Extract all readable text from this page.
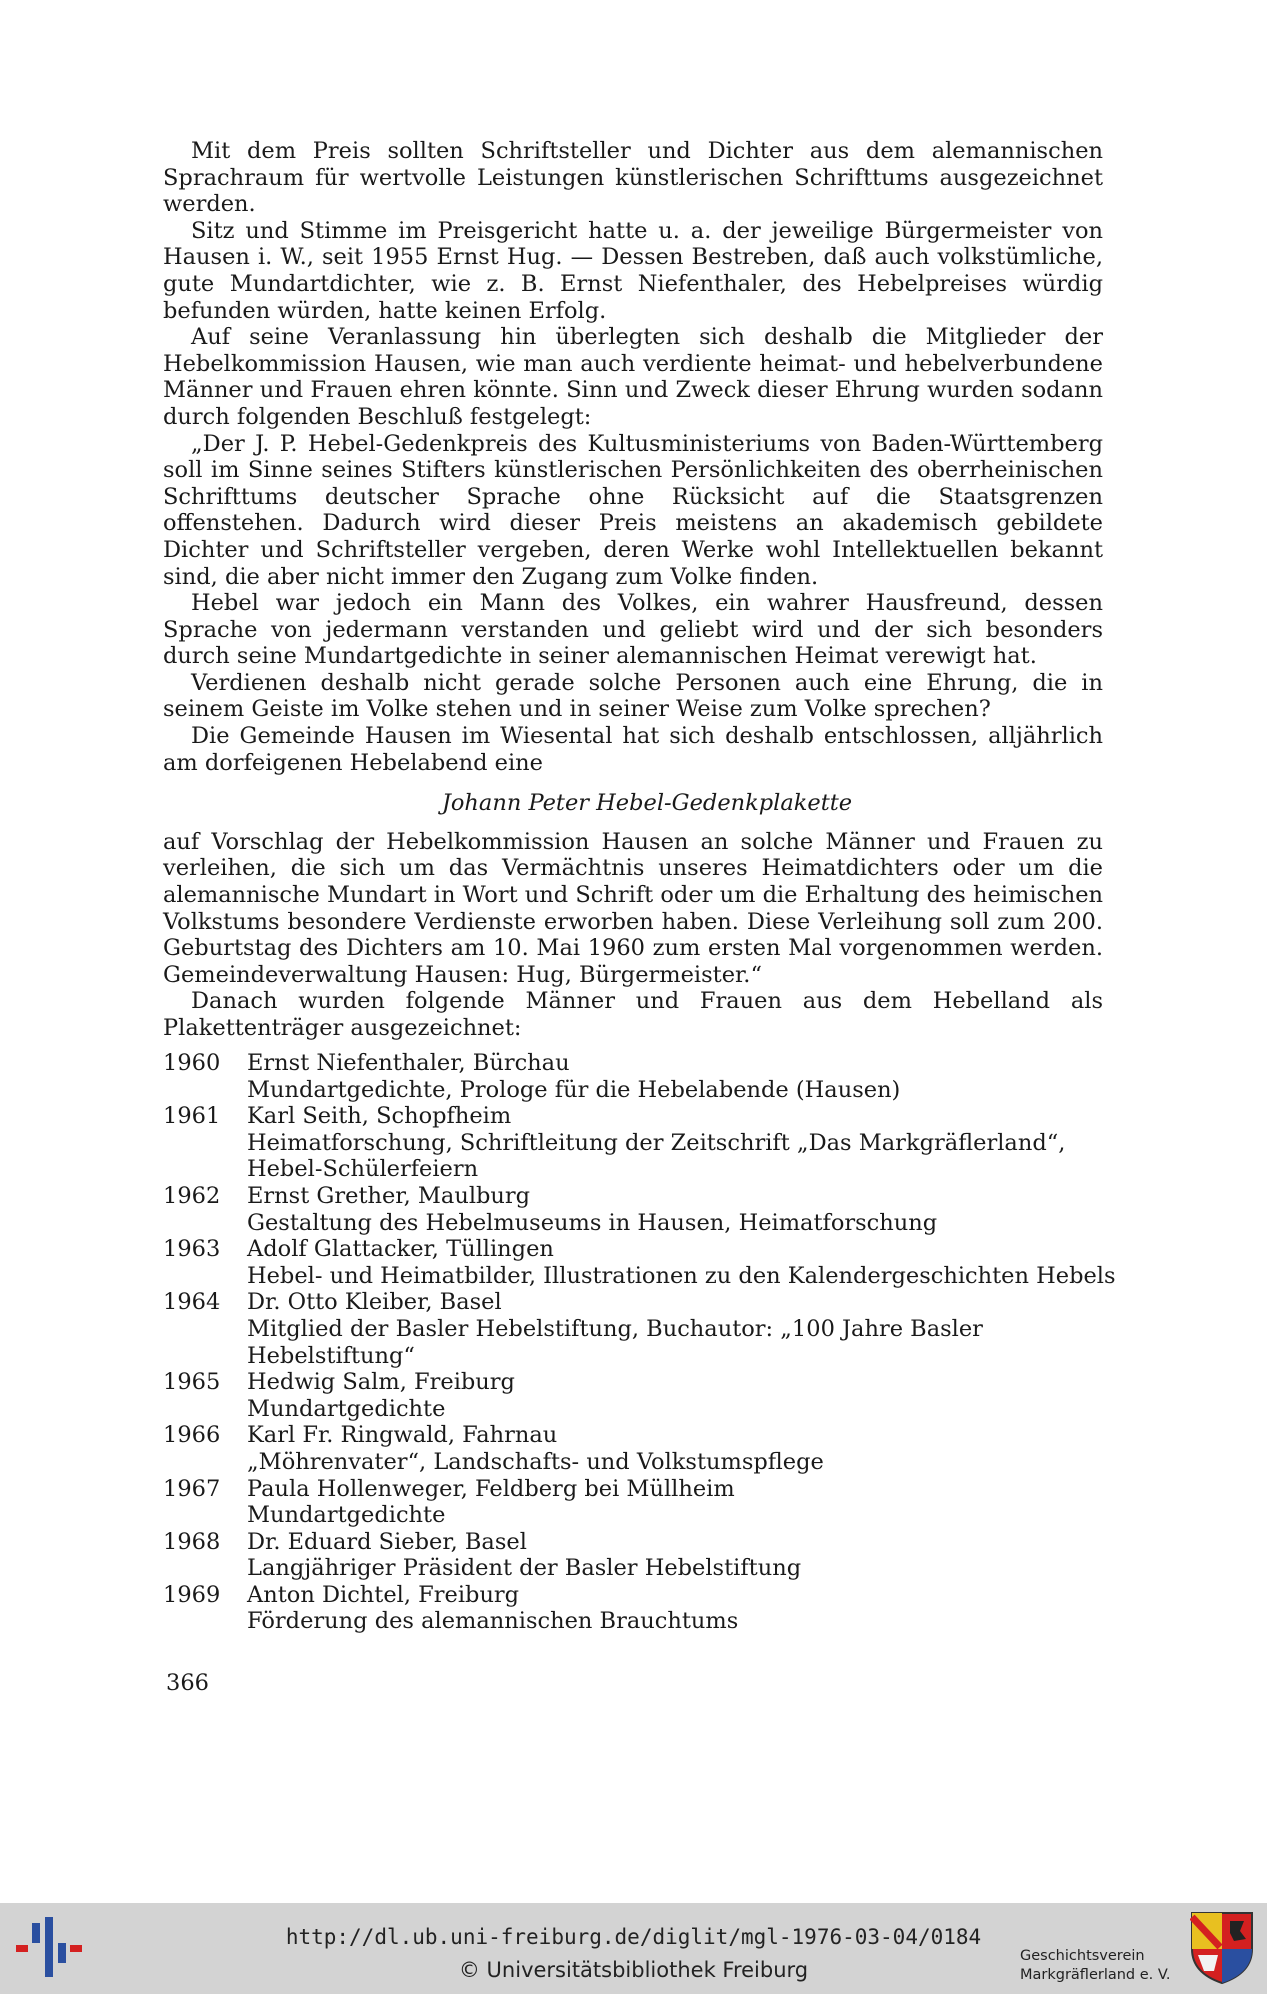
Mit dem Preis sollten Schriftsteller und Dichter aus dem alemannischen Sprachraum für wertvolle Leistungen künstlerischen Schrifttums ausgezeichnet werden.

Sitz und Stimme im Preisgericht hatte u. a. der jeweilige Bürgermeister von Hausen i. W., seit 1955 Ernst Hug. — Dessen Bestreben, daß auch volkstümliche, gute Mundartdichter, wie z. B. Ernst Niefenthaler, des Hebelpreises würdig befunden würden, hatte keinen Erfolg.

Auf seine Veranlassung hin überlegten sich deshalb die Mitglieder der Hebelkommission Hausen, wie man auch verdiente heimat- und hebelverbundene Männer und Frauen ehren könnte. Sinn und Zweck dieser Ehrung wurden sodann durch folgenden Beschluß festgelegt:

„Der J. P. Hebel-Gedenkpreis des Kultusministeriums von Baden-Württemberg soll im Sinne seines Stifters künstlerischen Persönlichkeiten des oberrheinischen Schrifttums deutscher Sprache ohne Rücksicht auf die Staatsgrenzen offenstehen. Dadurch wird dieser Preis meistens an akademisch gebildete Dichter und Schriftsteller vergeben, deren Werke wohl Intellektuellen bekannt sind, die aber nicht immer den Zugang zum Volke finden.

Hebel war jedoch ein Mann des Volkes, ein wahrer Hausfreund, dessen Sprache von jedermann verstanden und geliebt wird und der sich besonders durch seine Mundartgedichte in seiner alemannischen Heimat verewigt hat.

Verdienen deshalb nicht gerade solche Personen auch eine Ehrung, die in seinem Geiste im Volke stehen und in seiner Weise zum Volke sprechen?

Die Gemeinde Hausen im Wiesental hat sich deshalb entschlossen, alljährlich am dorfeigenen Hebelabend eine

Johann Peter Hebel-Gedenkplakette

auf Vorschlag der Hebelkommission Hausen an solche Männer und Frauen zu verleihen, die sich um das Vermächtnis unseres Heimatdichters oder um die alemannische Mundart in Wort und Schrift oder um die Erhaltung des heimischen Volkstums besondere Verdienste erworben haben. Diese Verleihung soll zum 200. Geburtstag des Dichters am 10. Mai 1960 zum ersten Mal vorgenommen werden. Gemeindeverwaltung Hausen: Hug, Bürgermeister.“

Danach wurden folgende Männer und Frauen aus dem Hebelland als Plakettenträger ausgezeichnet:

1960	Ernst Niefenthaler, Bürchau
Mundartgedichte, Prologe für die Hebelabende (Hausen)
1961	Karl Seith, Schopfheim
Heimatforschung, Schriftleitung der Zeitschrift „Das Markgräflerland“, Hebel-Schülerfeiern
1962	Ernst Grether, Maulburg
Gestaltung des Hebelmuseums in Hausen, Heimatforschung
1963	Adolf Glattacker, Tüllingen
Hebel- und Heimatbilder, Illustrationen zu den Kalendergeschichten Hebels
1964	Dr. Otto Kleiber, Basel
Mitglied der Basler Hebelstiftung, Buchautor: „100 Jahre Basler Hebelstiftung“
1965	Hedwig Salm, Freiburg
Mundartgedichte
1966	Karl Fr. Ringwald, Fahrnau
„Möhrenvater“, Landschafts- und Volkstumspflege
1967	Paula Hollenweger, Feldberg bei Müllheim
Mundartgedichte
1968	Dr. Eduard Sieber, Basel
Langjähriger Präsident der Basler Hebelstiftung
1969	Anton Dichtel, Freiburg
Förderung des alemannischen Brauchtums
366
http://dl.ub.uni-freiburg.de/diglit/mgl-1976-03-04/0184
© Universitätsbibliothek Freiburg
Geschichtsverein
Markgräflerland e. V.
